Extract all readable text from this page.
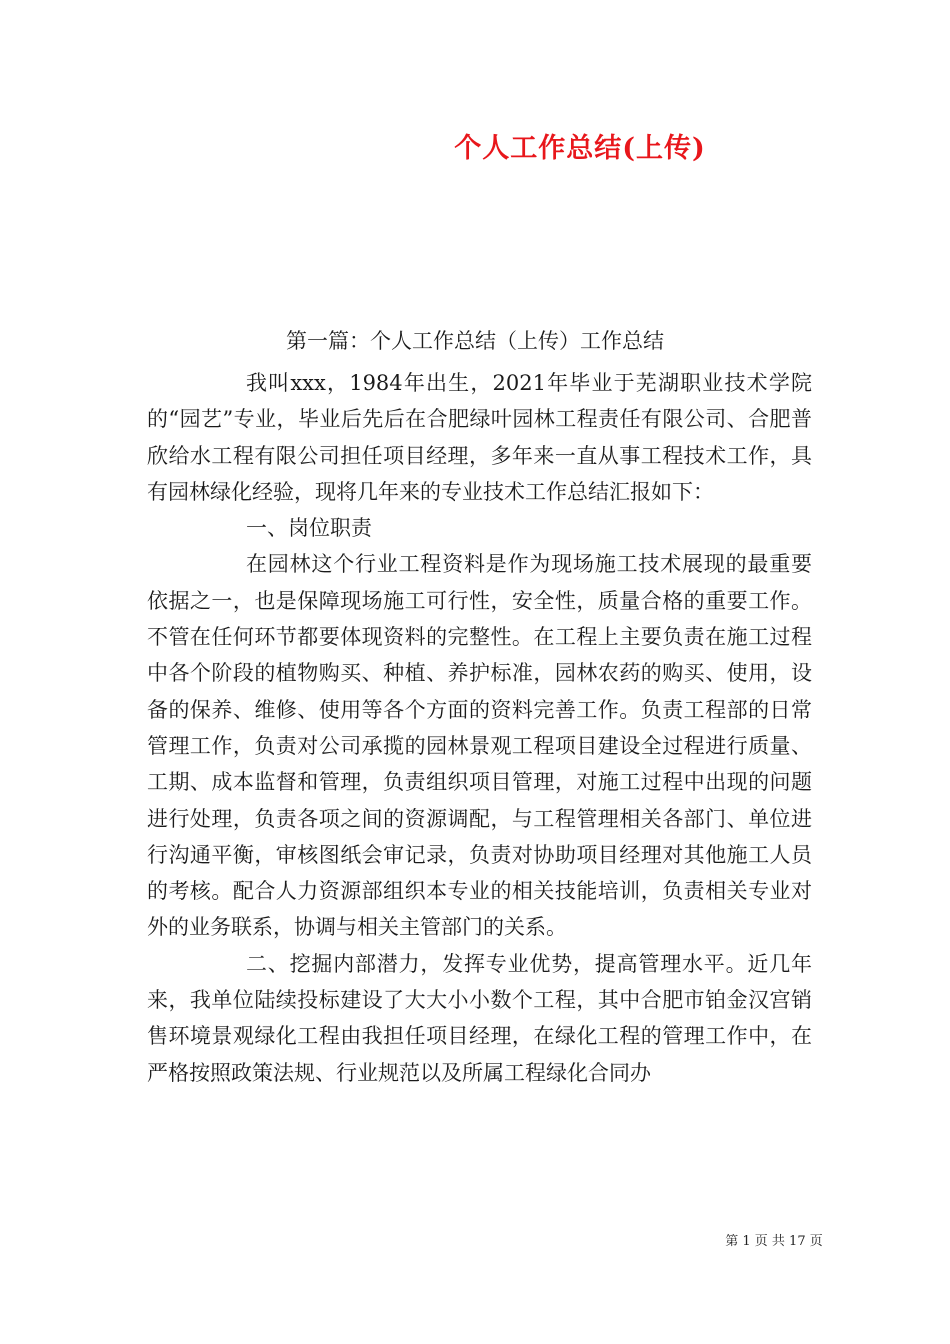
个人工作总结(上传)
第一篇：个人工作总结（上传）工作总结

我叫xxx，1984年出生，2021年毕业于芜湖职业技术学院的“园艺”专业，毕业后先后在合肥绿叶园林工程责任有限公司、合肥普欣给水工程有限公司担任项目经理，多年来一直从事工程技术工作，具有园林绿化经验，现将几年来的专业技术工作总结汇报如下：

一、岗位职责

在园林这个行业工程资料是作为现场施工技术展现的最重要依据之一，也是保障现场施工可行性，安全性，质量合格的重要工作。不管在任何环节都要体现资料的完整性。在工程上主要负责在施工过程中各个阶段的植物购买、种植、养护标准，园林农药的购买、使用，设备的保养、维修、使用等各个方面的资料完善工作。负责工程部的日常管理工作，负责对公司承揽的园林景观工程项目建设全过程进行质量、工期、成本监督和管理，负责组织项目管理，对施工过程中出现的问题进行处理，负责各项之间的资源调配，与工程管理相关各部门、单位进行沟通平衡，审核图纸会审记录，负责对协助项目经理对其他施工人员的考核。配合人力资源部组织本专业的相关技能培训，负责相关专业对外的业务联系，协调与相关主管部门的关系。

二、挖掘内部潜力，发挥专业优势，提高管理水平。近几年来，我单位陆续投标建设了大大小小数个工程，其中合肥市铂金汉宫销售环境景观绿化工程由我担任项目经理，在绿化工程的管理工作中，在严格按照政策法规、行业规范以及所属工程绿化合同办

第 1 页 共 17 页
